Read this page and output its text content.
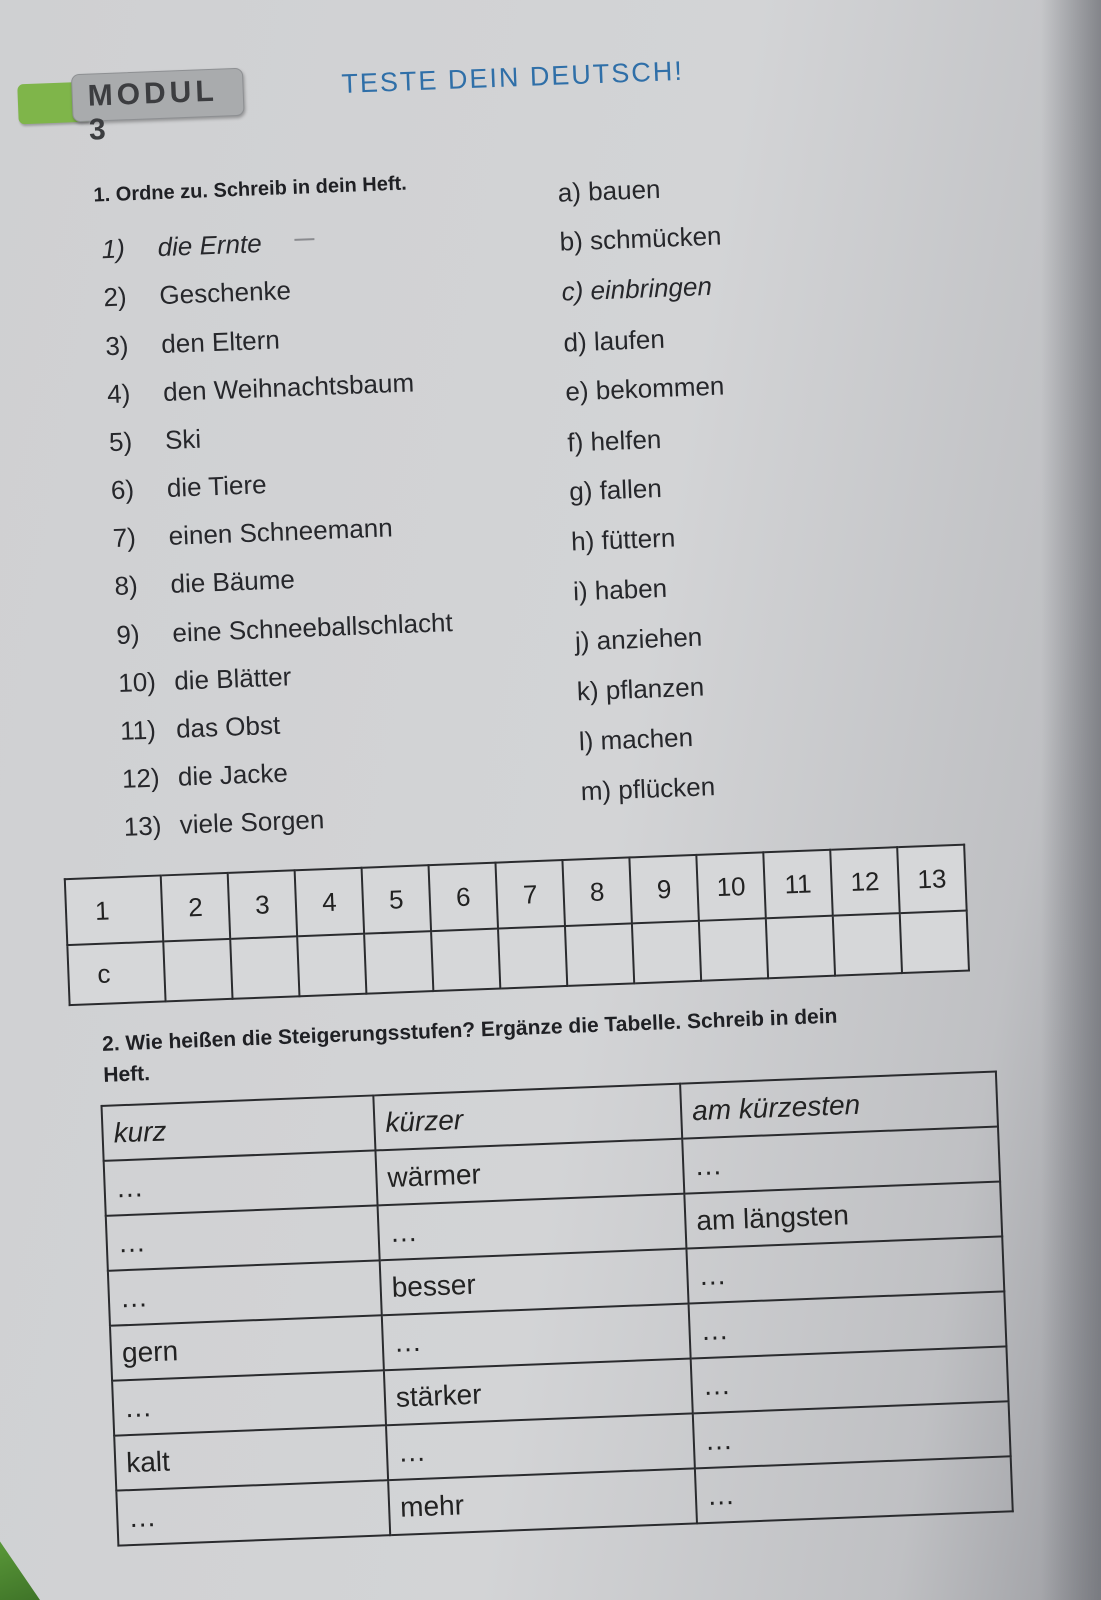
MODUL 3
TESTE DEIN DEUTSCH!
1. Ordne zu. Schreib in dein Heft.
1) die Ernte
2) Geschenke
3) den Eltern
4) den Weihnachtsbaum
5) Ski
6) die Tiere
7) einen Schneemann
8) die Bäume
9) eine Schneeballschlacht
10) die Blätter
11) das Obst
12) die Jacke
13) viele Sorgen
a) bauen
b) schmücken
c) einbringen
d) laufen
e) bekommen
f) helfen
g) fallen
h) füttern
i) haben
j) anziehen
k) pflanzen
l) machen
m) pflücken
1	2	3	4	5	6	7	8	9	10	11	12	13
c												
2. Wie heißen die Steigerungsstufen? Ergänze die Tabelle. Schreib in dein
Heft.
kurz	kürzer	am kürzesten
…	wärmer	…
…	…	am längsten
…	besser	…
gern	…	…
…	stärker	…
kalt	…	…
…	mehr	…
